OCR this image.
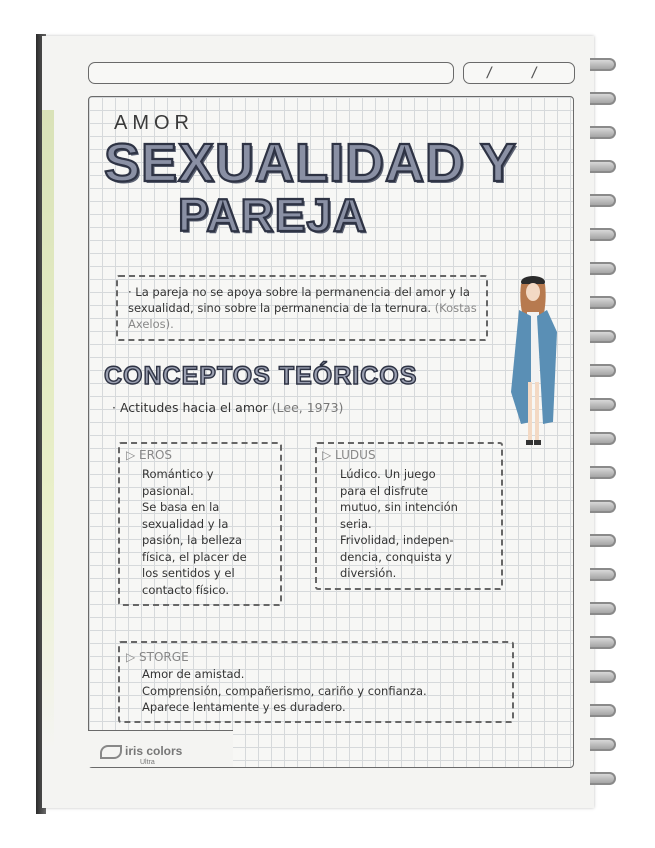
/ /
iris colors
Ultra
AMOR
SEXUALIDAD Y
PAREJA
· La pareja no se apoya sobre la permanencia del amor y la sexualidad, sino sobre la permanencia de la ternura. (Kostas Axelos).
CONCEPTOS TEÓRICOS
· Actitudes hacia el amor (Lee, 1973)
▷ EROS
Romántico y
pasional.
Se basa en la
sexualidad y la
pasión, la belleza
física, el placer de
los sentidos y el
contacto físico.
▷ LUDUS
Lúdico. Un juego
para el disfrute
mutuo, sin intención
seria.
Frivolidad, indepen-
dencia, conquista y
diversión.
▷ STORGE
Amor de amistad.
Comprensión, compañerismo, cariño y confianza.
Aparece lentamente y es duradero.
